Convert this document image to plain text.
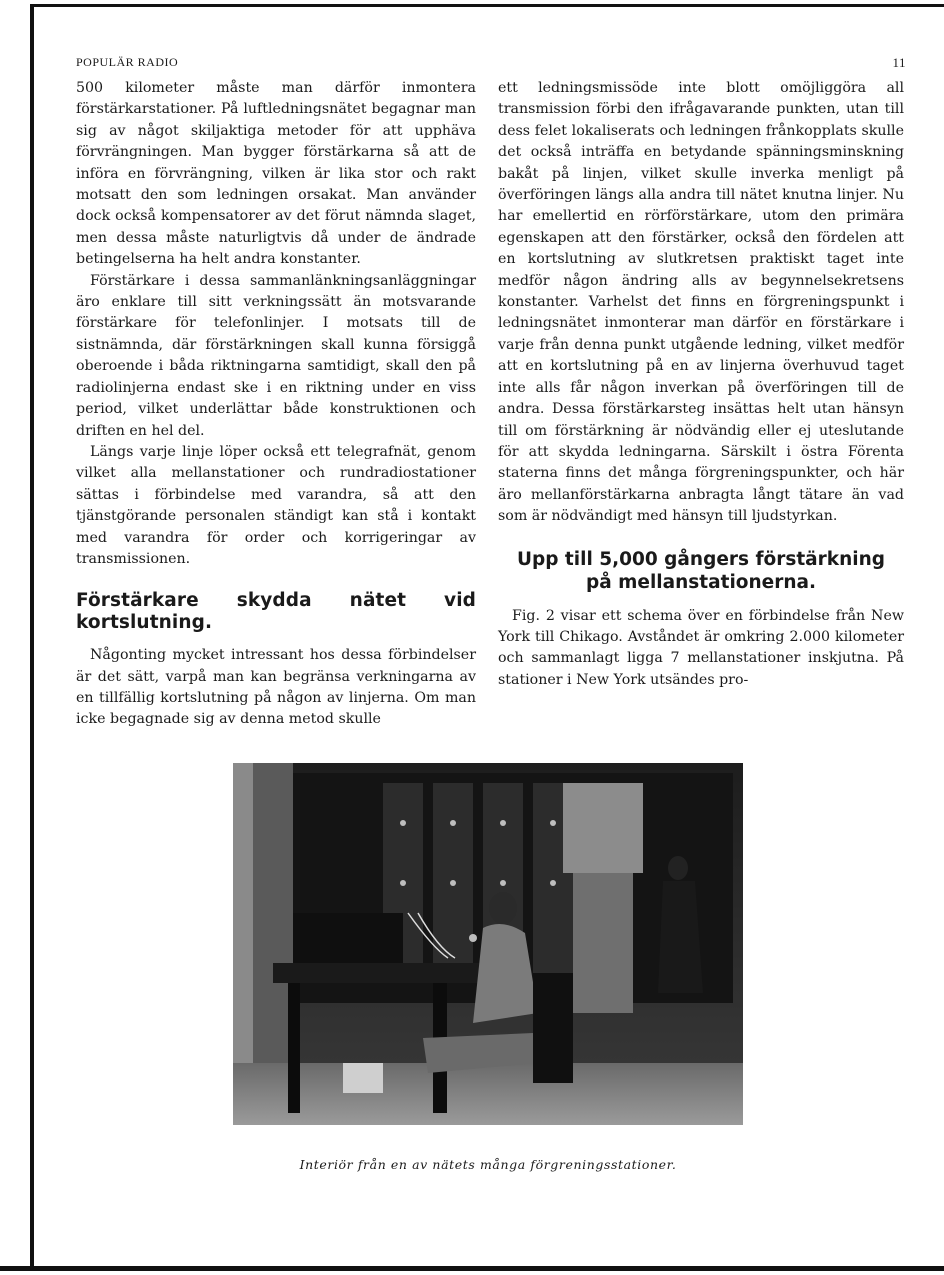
POPULÄR RADIO	11

500 kilometer måste man därför inmontera förstärkarstationer. På luftledningsnätet begagnar man sig av något skiljaktiga metoder för att upphäva förvrängningen. Man bygger förstärkarna så att de införa en förvrängning, vilken är lika stor och rakt motsatt den som ledningen orsakat. Man använder dock också kompensatorer av det förut nämnda slaget, men dessa måste naturligtvis då under de ändrade betingelserna ha helt andra konstanter.

Förstärkare i dessa sammanlänkningsanläggningar äro enklare till sitt verkningssätt än motsvarande förstärkare för telefonlinjer. I motsats till de sistnämnda, där förstärkningen skall kunna försiggå oberoende i båda riktningarna samtidigt, skall den på radiolinjerna endast ske i en riktning under en viss period, vilket underlättar både konstruktionen och driften en hel del.

Längs varje linje löper också ett telegrafnät, genom vilket alla mellanstationer och rundradiostationer sättas i förbindelse med varandra, så att den tjänstgörande personalen ständigt kan stå i kontakt med varandra för order och korrigeringar av transmissionen.

Förstärkare skydda nätet vid kortslutning.

Någonting mycket intressant hos dessa förbindelser är det sätt, varpå man kan begränsa verkningarna av en tillfällig kortslutning på någon av linjerna. Om man icke begagnade sig av denna metod skulle

ett ledningsmissöde inte blott omöjliggöra all transmission förbi den ifrågavarande punkten, utan till dess felet lokaliserats och ledningen frånkopplats skulle det också inträffa en betydande spänningsminskning bakåt på linjen, vilket skulle inverka menligt på överföringen längs alla andra till nätet knutna linjer. Nu har emellertid en rörförstärkare, utom den primära egenskapen att den förstärker, också den fördelen att en kortslutning av slutkretsen praktiskt taget inte medför någon ändring alls av begynnelsekretsens konstanter. Varhelst det finns en förgreningspunkt i ledningsnätet inmonterar man därför en förstärkare i varje från denna punkt utgående ledning, vilket medför att en kortslutning på en av linjerna överhuvud taget inte alls får någon inverkan på överföringen till de andra. Dessa förstärkarsteg insättas helt utan hänsyn till om förstärkning är nödvändig eller ej uteslutande för att skydda ledningarna. Särskilt i östra Förenta staterna finns det många förgreningspunkter, och här äro mellanförstärkarna anbragta långt tätare än vad som är nödvändigt med hänsyn till ljudstyrkan.

Upp till 5,000 gångers förstärkning
på mellanstationerna.

Fig. 2 visar ett schema över en förbindelse från New York till Chikago. Avståndet är omkring 2.000 kilometer och sammanlagt ligga 7 mellanstationer inskjutna. På stationer i New York utsändes pro-

Interiör från en av nätets många förgreningsstationer.
